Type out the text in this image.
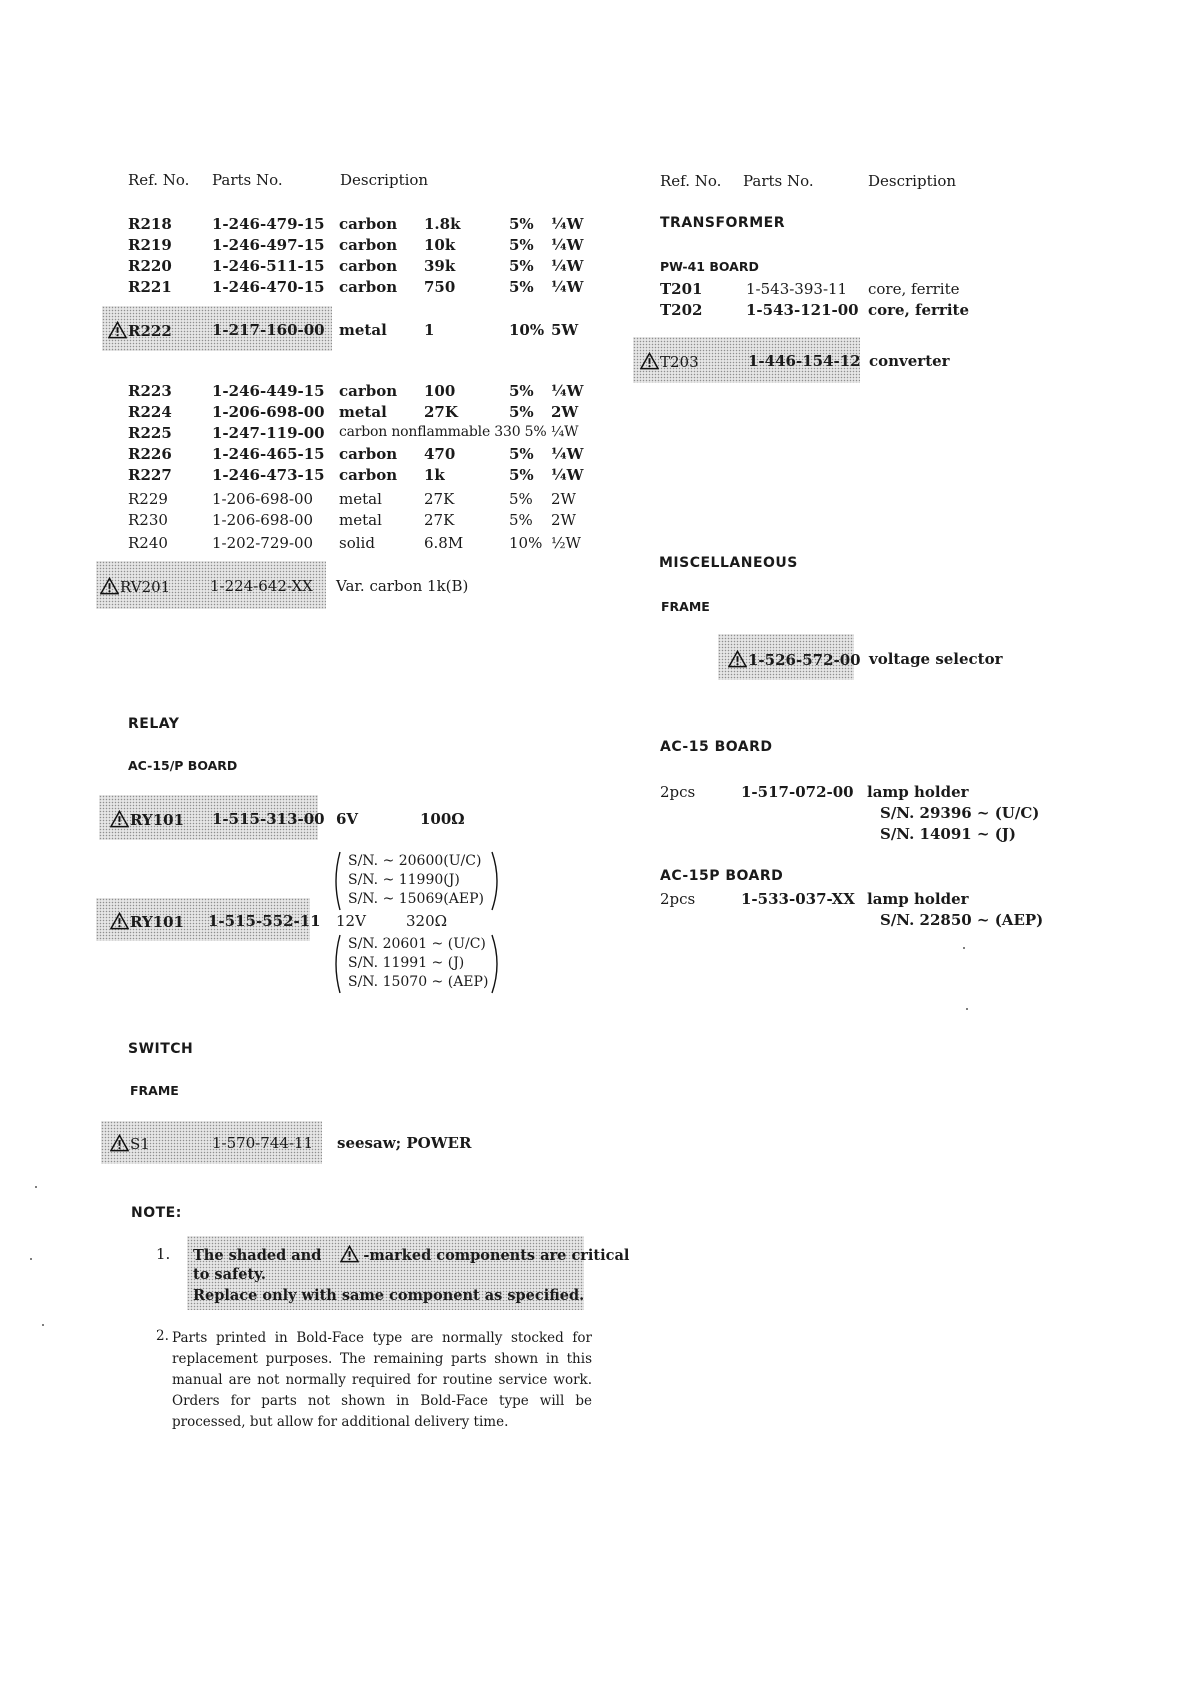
Ref. No. Parts No.	Description
R218	1-246-479-15 carbon 1.8k	5% ¼W
R219	1-246-497-15 carbon 10k	5% ¼W
R220	1-246-511-15 carbon 39k	5% ¼W
R221	1-246-470-15 carbon 750	5% ¼W
R222	1-217-160-00 metal 1	10% 5W
R223	1-246-449-15 carbon 100	5% ¼W
R224	1-206-698-00 metal 27K	5% 2W
R225	1-247-119-00 carbon nonflammable 330 5% ¼W
R226	1-246-465-15 carbon 470	5% ¼W
R227	1-246-473-15 carbon 1k	5% ¼W
R229	1-206-698-00 metal	27K	5% 2W
R230	1-206-698-00 metal	27K	5% 2W
R240	1-202-729-00 solid	6.8M	10% ½W
RV201	1-224-642-XX Var. carbon 1k(B)
RELAY
AC-15/P BOARD
RY101 1-515-313-00 6V	100Ω
S/N. ~ 20600(U/C)
S/N. ~ 11990(J)
S/N. ~ 15069(AEP)
RY101 1-515-552-11 12V	320Ω
S/N. 20601 ~ (U/C)
S/N. 11991 ~ (J)
S/N. 15070 ~ (AEP)
SWITCH
FRAME
S1	1-570-744-11 seesaw; POWER
NOTE:
1. The shaded and	-marked components are critical
to safety.
Replace only with same component as specified.
2. Parts printed in Bold-Face type are normally stocked for
replacement purposes. The remaining parts shown in this
manual are not normally required for routine service work.
Orders for parts not shown in Bold-Face type will be
processed, but allow for additional delivery time.
Ref. No. Parts No.	Description
TRANSFORMER
PW-41 BOARD
T201	1-543-393-11 core, ferrite
T202	1-543-121-00 core, ferrite
T203	1-446-154-12 converter
MISCELLANEOUS
FRAME
1-526-572-00 voltage selector
AC-15 BOARD
2pcs	1-517-072-00 lamp holder
S/N. 29396 ~ (U/C)
S/N. 14091 ~ (J)
AC-15P BOARD
2pcs	1-533-037-XX lamp holder
S/N. 22850 ~ (AEP)
